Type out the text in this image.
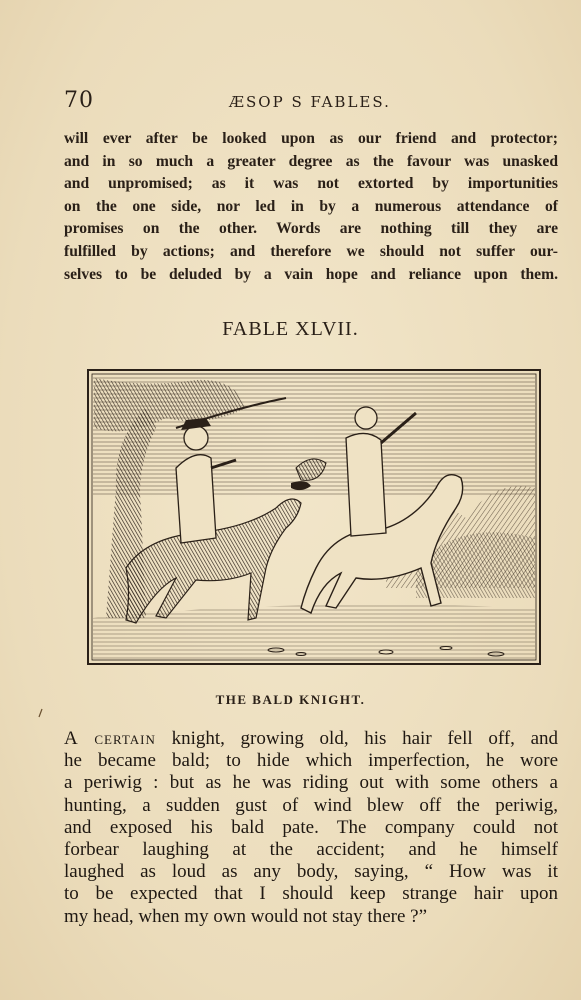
70	ÆSOP S FABLES.
will ever after be looked upon as our friend and protector;
and in so much a greater degree as the favour was unasked
and unpromised; as it was not extorted by importunities
on the one side, nor led in by a numerous attendance of
promises on the other. Words are nothing till they are
fulfilled by actions; and therefore we should not suffer our-
selves to be deluded by a vain hope and reliance upon them.
FABLE XLVII.
THE BALD KNIGHT.
A certain knight, growing old, his hair fell off, and
he became bald; to hide which imperfection, he wore
a periwig : but as he was riding out with some others a
hunting, a sudden gust of wind blew off the periwig,
and exposed his bald pate. The company could not
forbear laughing at the accident; and he himself
laughed as loud as any body, saying, “ How was it
to be expected that I should keep strange hair upon
my head, when my own would not stay there ?”
